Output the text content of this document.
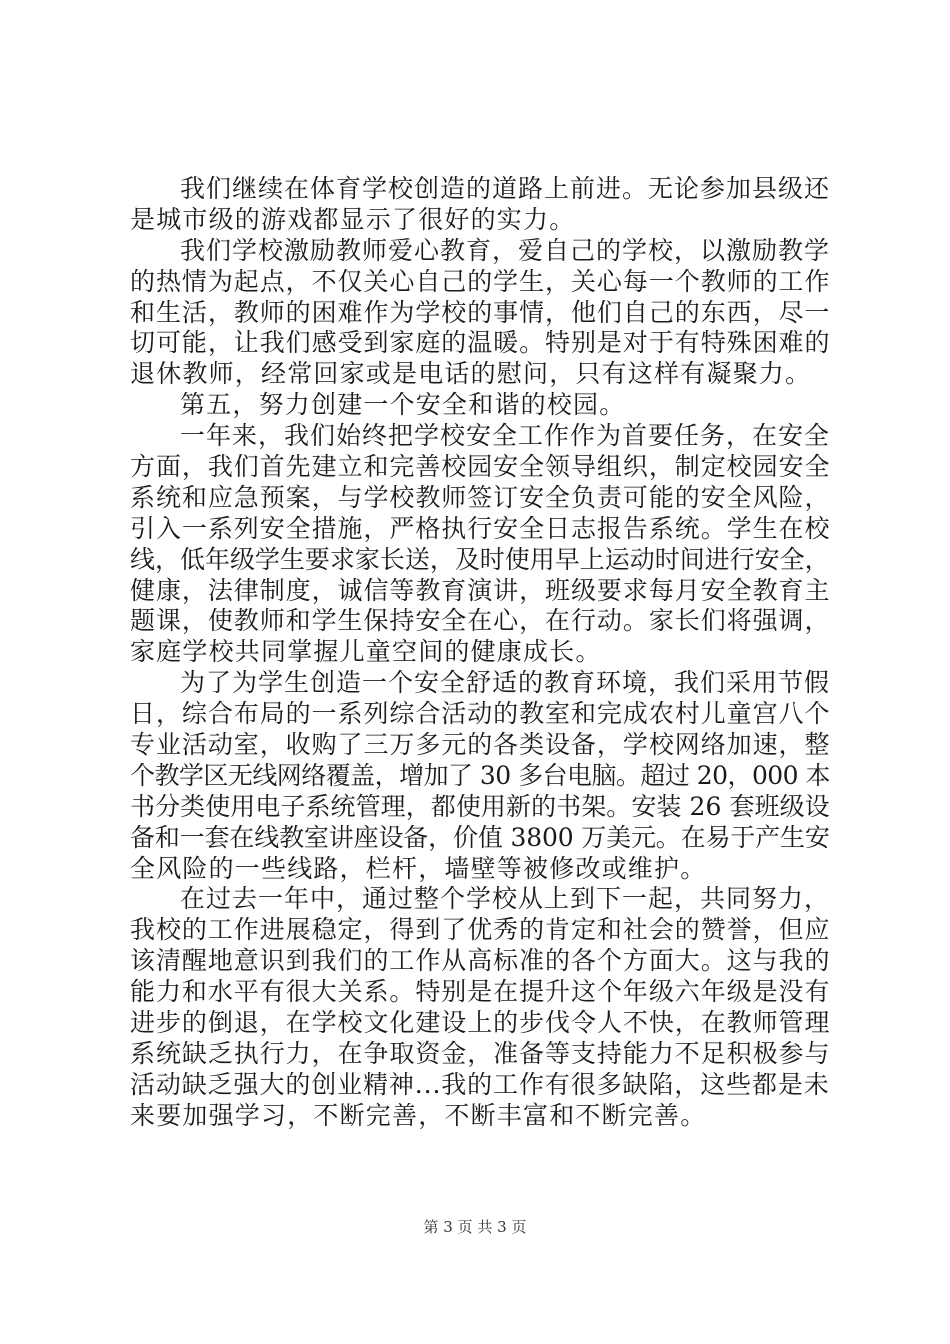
我们继续在体育学校创造的道路上前进。无论参加县级还
是城市级的游戏都显示了很好的实力。
我们学校激励教师爱心教育，爱自己的学校，以激励教学
的热情为起点，不仅关心自己的学生，关心每一个教师的工作
和生活，教师的困难作为学校的事情，他们自己的东西，尽一
切可能，让我们感受到家庭的温暖。特别是对于有特殊困难的
退休教师，经常回家或是电话的慰问，只有这样有凝聚力。
第五，努力创建一个安全和谐的校园。
一年来，我们始终把学校安全工作作为首要任务，在安全
方面，我们首先建立和完善校园安全领导组织，制定校园安全
系统和应急预案，与学校教师签订安全负责可能的安全风险，
引入一系列安全措施，严格执行安全日志报告系统。学生在校
线，低年级学生要求家长送，及时使用早上运动时间进行安全，
健康，法律制度，诚信等教育演讲，班级要求每月安全教育主
题课，使教师和学生保持安全在心，在行动。家长们将强调，
家庭学校共同掌握儿童空间的健康成长。
为了为学生创造一个安全舒适的教育环境，我们采用节假
日，综合布局的一系列综合活动的教室和完成农村儿童宫八个
专业活动室，收购了三万多元的各类设备，学校网络加速，整
个教学区无线网络覆盖，增加了 30 多台电脑。超过 20，000 本
书分类使用电子系统管理，都使用新的书架。安装 26 套班级设
备和一套在线教室讲座设备，价值 3800 万美元。在易于产生安
全风险的一些线路，栏杆，墙壁等被修改或维护。
在过去一年中，通过整个学校从上到下一起，共同努力，
我校的工作进展稳定，得到了优秀的肯定和社会的赞誉，但应
该清醒地意识到我们的工作从高标准的各个方面大。这与我的
能力和水平有很大关系。特别是在提升这个年级六年级是没有
进步的倒退，在学校文化建设上的步伐令人不快，在教师管理
系统缺乏执行力，在争取资金，准备等支持能力不足积极参与
活动缺乏强大的创业精神...我的工作有很多缺陷，这些都是未
来要加强学习，不断完善，不断丰富和不断完善。
第 3 页 共 3 页
